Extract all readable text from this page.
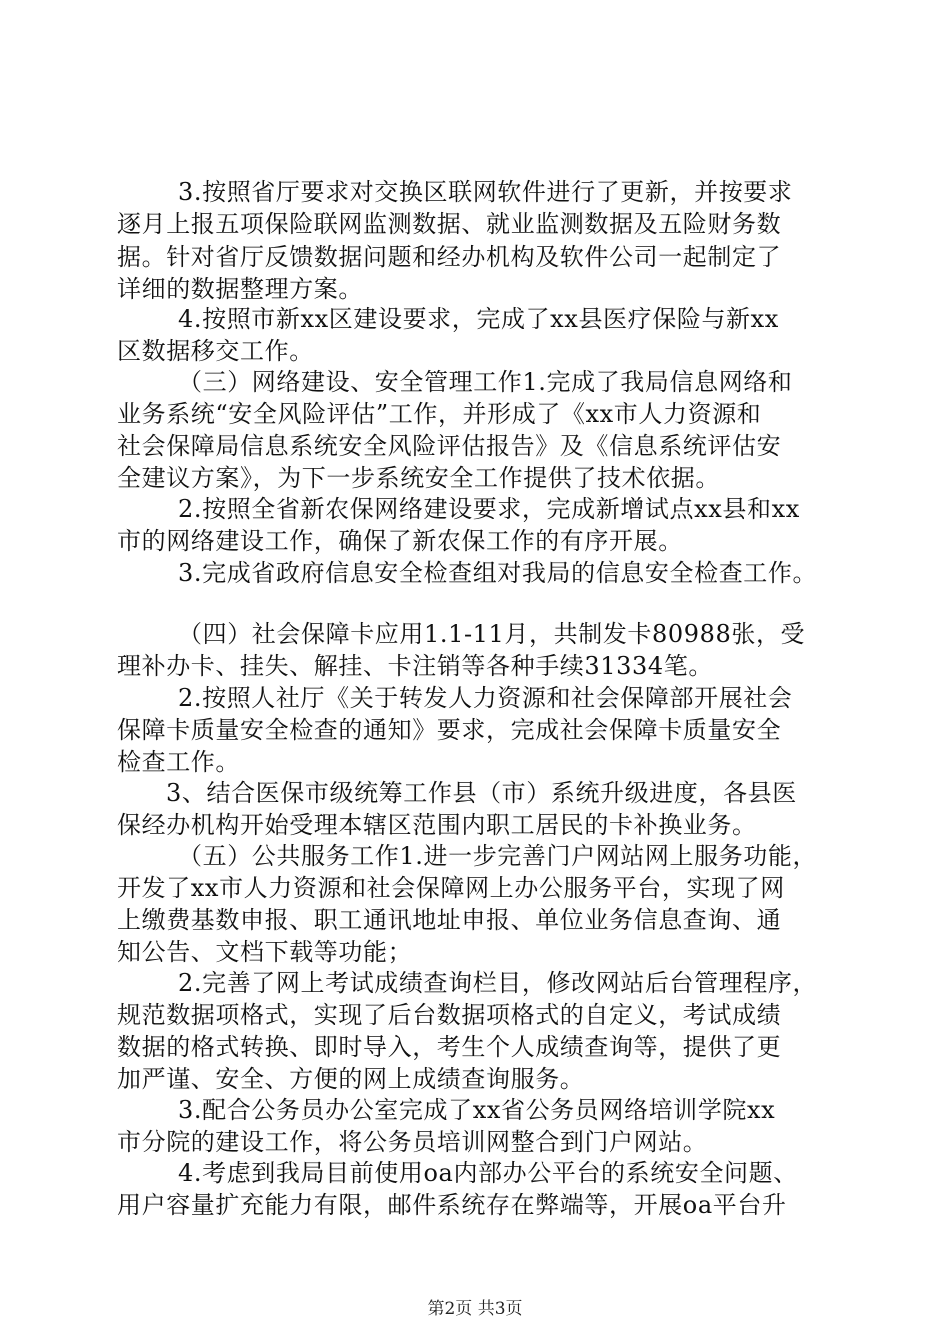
3.按照省厅要求对交换区联网软件进行了更新，并按要求
逐月上报五项保险联网监测数据、就业监测数据及五险财务数
据。针对省厅反馈数据问题和经办机构及软件公司一起制定了
详细的数据整理方案。
4.按照市新xx区建设要求，完成了xx县医疗保险与新xx
区数据移交工作。
（三）网络建设、安全管理工作1.完成了我局信息网络和
业务系统“安全风险评估”工作，并形成了《xx市人力资源和
社会保障局信息系统安全风险评估报告》及《信息系统评估安
全建议方案》，为下一步系统安全工作提供了技术依据。
2.按照全省新农保网络建设要求，完成新增试点xx县和xx
市的网络建设工作，确保了新农保工作的有序开展。
3.完成省政府信息安全检查组对我局的信息安全检查工作。
（四）社会保障卡应用1.1-11月，共制发卡80988张，受
理补办卡、挂失、解挂、卡注销等各种手续31334笔。
2.按照人社厅《关于转发人力资源和社会保障部开展社会
保障卡质量安全检查的通知》要求，完成社会保障卡质量安全
检查工作。
3、结合医保市级统筹工作县（市）系统升级进度，各县医
保经办机构开始受理本辖区范围内职工居民的卡补换业务。
（五）公共服务工作1.进一步完善门户网站网上服务功能，
开发了xx市人力资源和社会保障网上办公服务平台，实现了网
上缴费基数申报、职工通讯地址申报、单位业务信息查询、通
知公告、文档下载等功能；
2.完善了网上考试成绩查询栏目，修改网站后台管理程序，
规范数据项格式，实现了后台数据项格式的自定义，考试成绩
数据的格式转换、即时导入，考生个人成绩查询等，提供了更
加严谨、安全、方便的网上成绩查询服务。
3.配合公务员办公室完成了xx省公务员网络培训学院xx
市分院的建设工作，将公务员培训网整合到门户网站。
4.考虑到我局目前使用oa内部办公平台的系统安全问题、
用户容量扩充能力有限，邮件系统存在弊端等，开展oa平台升
第2页 共3页
